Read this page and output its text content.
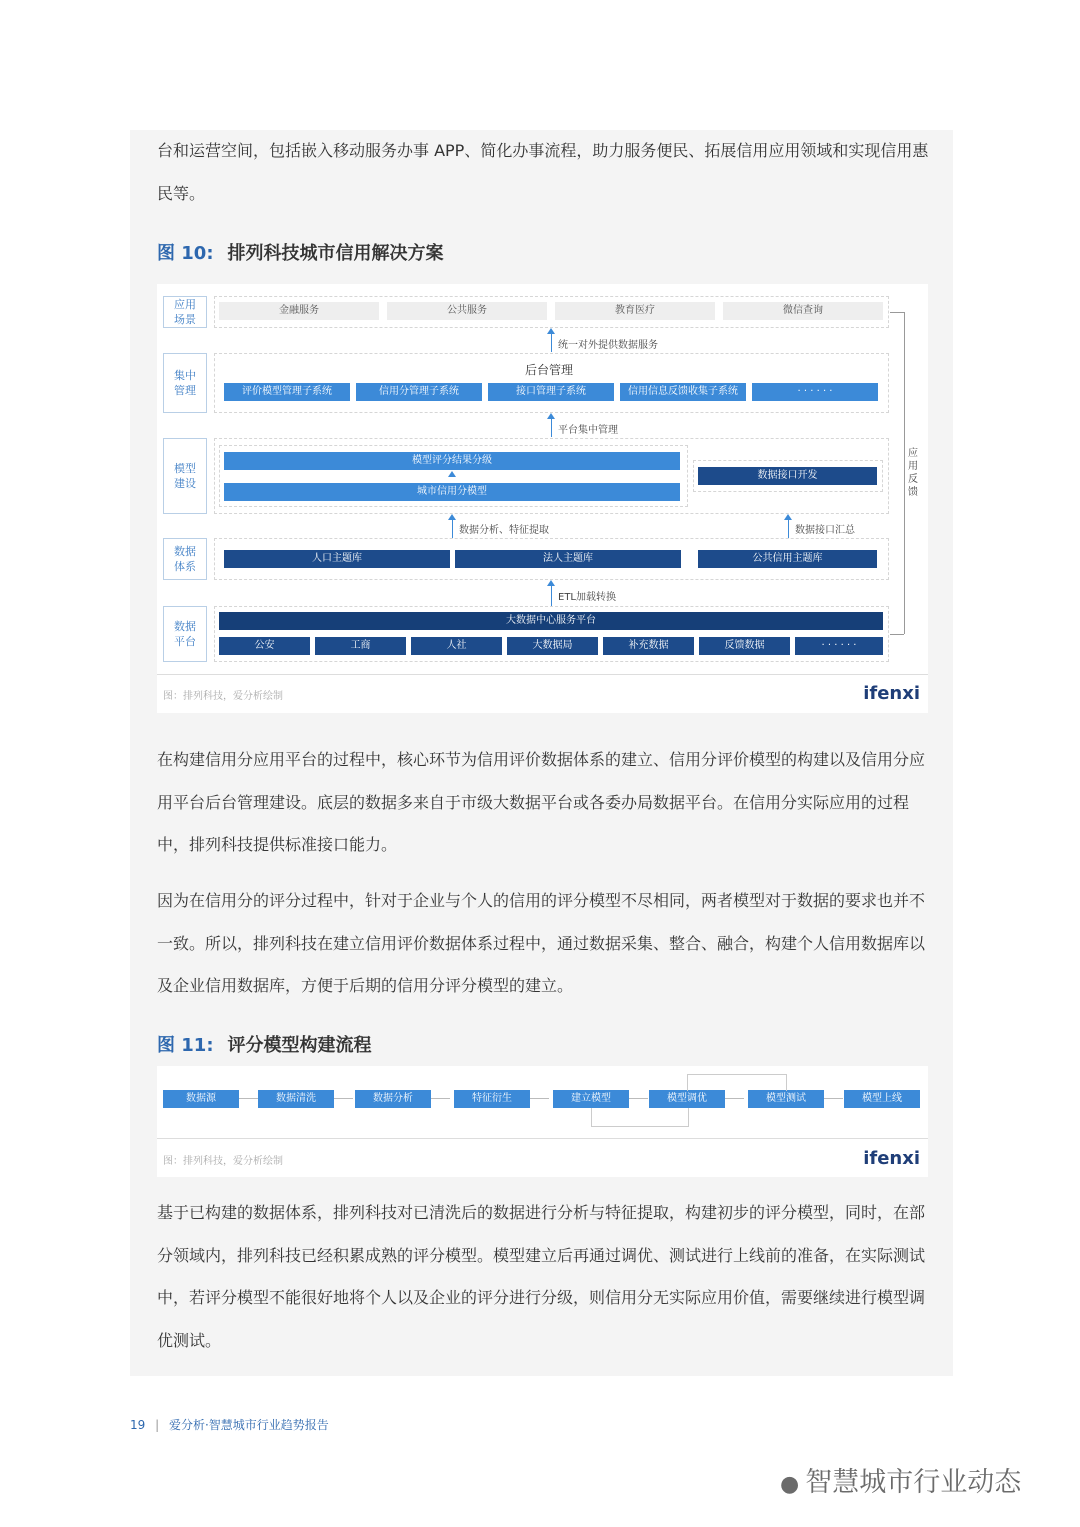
台和运营空间，包括嵌入移动服务办事 APP、简化办事流程，助力服务便民、拓展信用应用领域和实现信用惠民等。

图 10: 排列科技城市信用解决方案
应用
场景
集中
管理
模型
建设
数据
体系
数据
平台
金融服务	公共服务	教育医疗	微信查询
统一对外提供数据服务
后台管理
评价模型管理子系统	信用分管理子系统	接口管理子系统	信用信息反馈收集子系统	· · · · · ·
平台集中管理
模型评分结果分级
城市信用分模型
数据接口开发
数据分析、特征提取	数据接口汇总
人口主题库	法人主题库	公共信用主题库
ETL加载转换
大数据中心服务平台
公安	工商	人社	大数据局	补充数据	反馈数据	· · · · · ·
应
用
反
馈
图：排列科技，爱分析绘制	ifenxi

在构建信用分应用平台的过程中，核心环节为信用评价数据体系的建立、信用分评价模型的构建以及信用分应用平台后台管理建设。底层的数据多来自于市级大数据平台或各委办局数据平台。在信用分实际应用的过程中，排列科技提供标准接口能力。

因为在信用分的评分过程中，针对于企业与个人的信用的评分模型不尽相同，两者模型对于数据的要求也并不一致。所以，排列科技在建立信用评价数据体系过程中，通过数据采集、整合、融合，构建个人信用数据库以及企业信用数据库，方便于后期的信用分评分模型的建立。

图 11: 评分模型构建流程
数据源	数据清洗	数据分析	特征衍生	建立模型	模型调优	模型测试	模型上线
图：排列科技，爱分析绘制	ifenxi

基于已构建的数据体系，排列科技对已清洗后的数据进行分析与特征提取，构建初步的评分模型，同时，在部分领域内，排列科技已经积累成熟的评分模型。模型建立后再通过调优、测试进行上线前的准备，在实际测试中，若评分模型不能很好地将个人以及企业的评分进行分级，则信用分无实际应用价值，需要继续进行模型调优测试。

19 | 爱分析·智慧城市行业趋势报告
● 智慧城市行业动态
